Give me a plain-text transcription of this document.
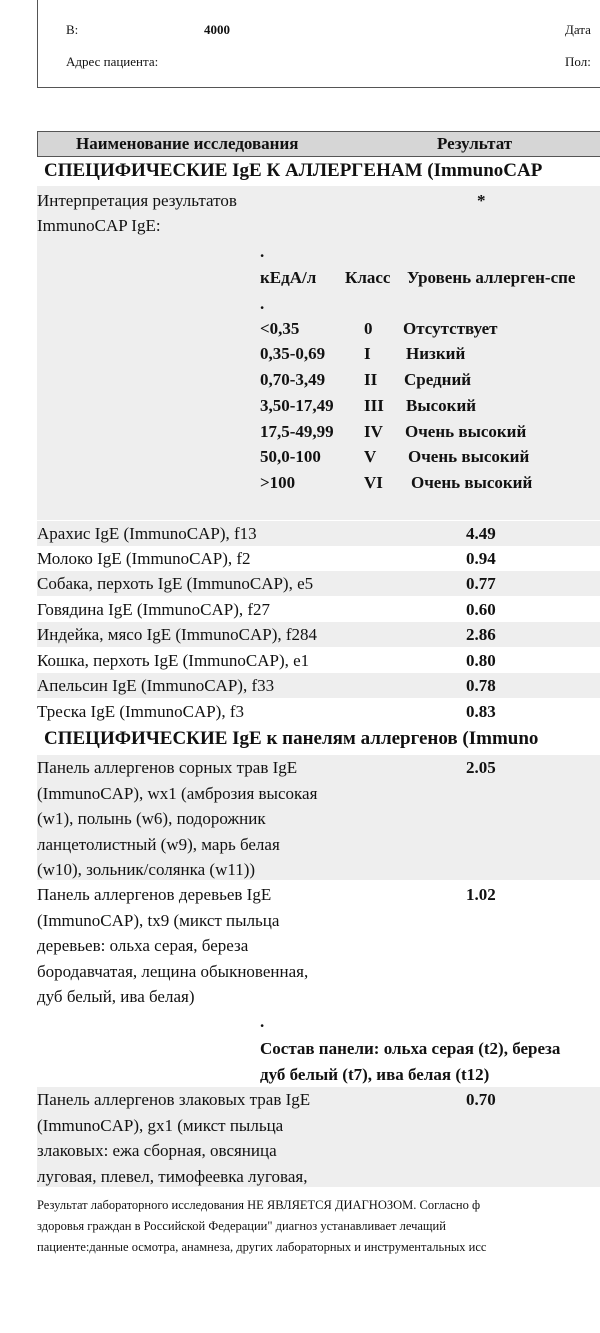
В:	4000	Дата
Адрес пациента:	Пол:
Наименование исследования	Результат
СПЕЦИФИЧЕСКИЕ IgE К АЛЛЕРГЕНАМ (ImmunoCAP
Интерпретация результатов
ImmunoCAP IgE:
*
.
кЕдА/л Класс Уровень аллерген-спе
.
<0,35	0 Отсутствует
0,35-0,69 I Низкий
0,70-3,49 II Средний
3,50-17,49 III Высокий
17,5-49,99 IV Очень высокий
50,0-100	V Очень высокий
>100	VI Очень высокий
Арахис IgE (ImmunoCAP), f13	4.49
Молоко IgE (ImmunoCAP), f2	0.94
Собака, перхоть IgE (ImmunoCAP), e5	0.77
Говядина IgE (ImmunoCAP), f27	0.60
Индейка, мясо IgE (ImmunoCAP), f284	2.86
Кошка, перхоть IgE (ImmunoCAP), e1	0.80
Апельсин IgE (ImmunoCAP), f33	0.78
Треска IgE (ImmunoCAP), f3	0.83
СПЕЦИФИЧЕСКИЕ IgE к панелям аллергенов (Immuno
Панель аллергенов сорных трав IgE
(ImmunoCAP), wx1 (амброзия высокая
(w1), полынь (w6), подорожник
ланцетолистный (w9), марь белая
(w10), зольник/солянка (w11))
2.05
Панель аллергенов деревьев IgE
(ImmunoCAP), tx9 (микст пыльца
деревьев: ольха серая, береза
бородавчатая, лещина обыкновенная,
дуб белый, ива белая)
1.02
.
Состав панели: ольха серая (t2), береза
дуб белый (t7), ива белая (t12)
Панель аллергенов злаковых трав IgE
(ImmunoCAP), gx1 (микст пыльца
злаковых: ежа сборная, овсяница
луговая, плевел, тимофеевка луговая,
0.70
Результат лабораторного исследования НЕ ЯВЛЯЕТСЯ ДИАГНОЗОМ. Согласно ф
здоровья граждан в Российской Федерации" диагноз устанавливает лечащий
пациенте:данные осмотра, анамнеза, других лабораторных и инструментальных исс
